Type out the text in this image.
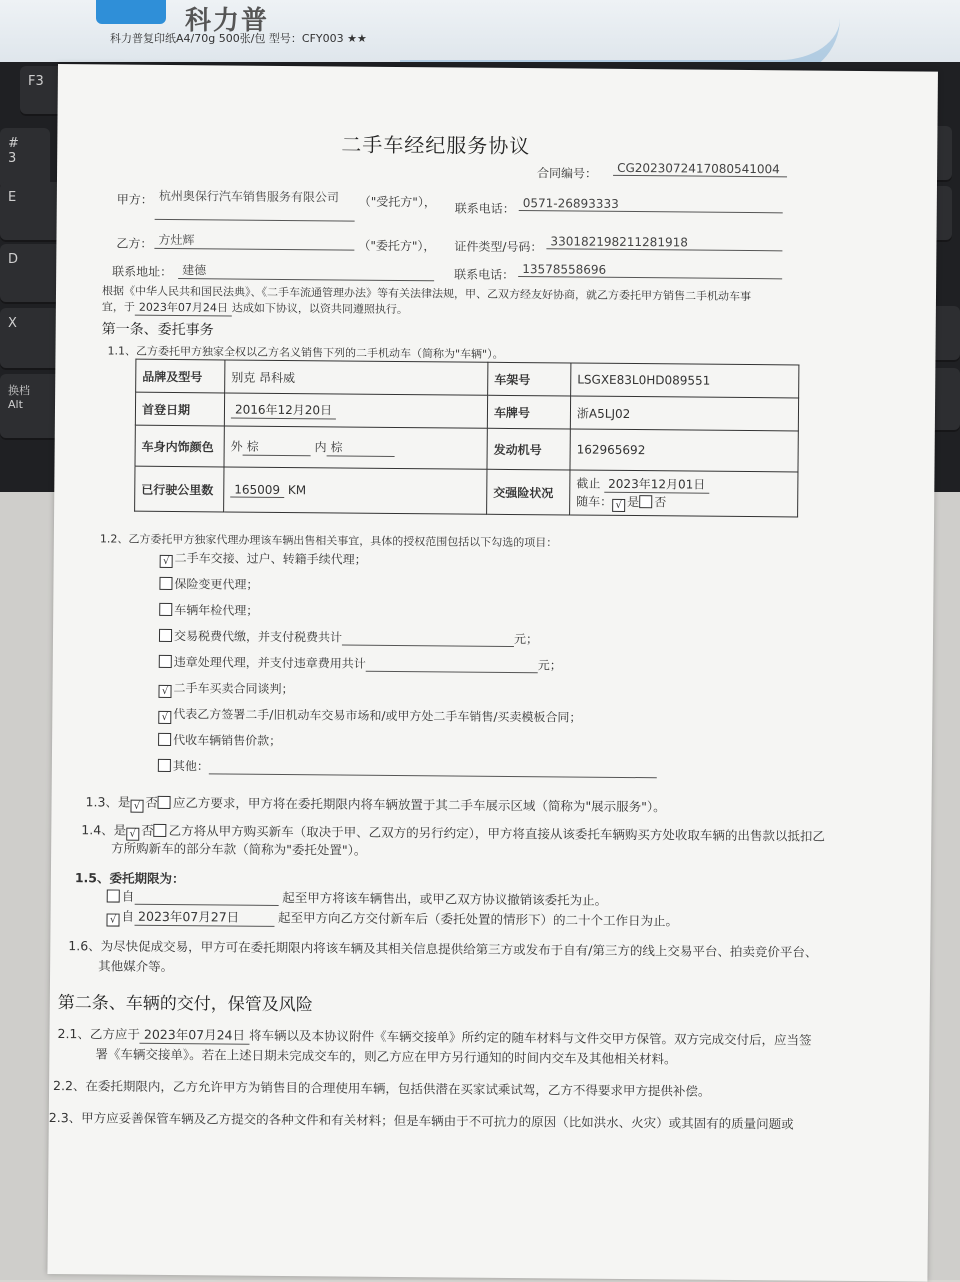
科力普
科力普复印纸A4/70g 500张/包 型号：CFY003 ★★
F3
#
3
E
D
X
换档
Alt
二手车经纪服务协议
合同编号：	CG2023072417080541004
甲方： 杭州奥保行汽车销售服务有限公司	（"受托方"）， 联系电话： 0571-26893333
乙方： 方灶辉	（"委托方"）， 证件类型/号码： 330182198211281918
联系地址： 建德	联系电话： 13578558696
根据《中华人民共和国民法典》、《二手车流通管理办法》等有关法律法规，甲、乙双方经友好协商，就乙方委托甲方销售二手机动车事
宜，于 2023年07月24日 达成如下协议，以资共同遵照执行。
第一条、委托事务
1.1、乙方委托甲方独家全权以乙方名义销售下列的二手机动车（简称为"车辆"）。
品牌及型号	别克 昂科威	车架号	LSGXE83L0HD089551
首登日期	2016年12月20日	车牌号	浙A5LJ02
车身内饰颜色	外 棕 内 棕	发动机号	162965692
已行驶公里数	165009 KM	交强险状况	截止 2023年12月01日
随车： √ 是 否
1.2、乙方委托甲方独家代理办理该车辆出售相关事宜，具体的授权范围包括以下勾选的项目：
√ 二手车交接、过户、转籍手续代理；
保险变更代理；
车辆年检代理；
交易税费代缴，并支付税费共计	元；
违章处理代理，并支付违章费用共计	元；
√ 二手车买卖合同谈判；
√ 代表乙方签署二手/旧机动车交易市场和/或甲方处二手车销售/买卖模板合同；
代收车辆销售价款；
其他：
1.3、是 √ 否 应乙方要求，甲方将在委托期限内将车辆放置于其二手车展示区域（简称为"展示服务"）。
1.4、是 √ 否 乙方将从甲方购买新车（取决于甲、乙双方的另行约定），甲方将直接从该委托车辆购买方处收取车辆的出售款以抵扣乙
方所购新车的部分车款（简称为"委托处置"）。
1.5、委托期限为：
自	起至甲方将该车辆售出，或甲乙双方协议撤销该委托为止。
√ 自 2023年07月27日	起至甲方向乙方交付新车后（委托处置的情形下）的二十个工作日为止。
1.6、为尽快促成交易，甲方可在委托期限内将该车辆及其相关信息提供给第三方或发布于自有/第三方的线上交易平台、拍卖竞价平台、
其他媒介等。
第二条、车辆的交付，保管及风险
2.1、乙方应于 2023年07月24日 将车辆以及本协议附件《车辆交接单》所约定的随车材料与文件交甲方保管。双方完成交付后，应当签
署《车辆交接单》。若在上述日期未完成交车的，则乙方应在甲方另行通知的时间内交车及其他相关材料。
2.2、在委托期限内，乙方允许甲方为销售目的合理使用车辆，包括供潜在买家试乘试驾，乙方不得要求甲方提供补偿。
2.3、甲方应妥善保管车辆及乙方提交的各种文件和有关材料；但是车辆由于不可抗力的原因（比如洪水、火灾）或其固有的质量问题或
